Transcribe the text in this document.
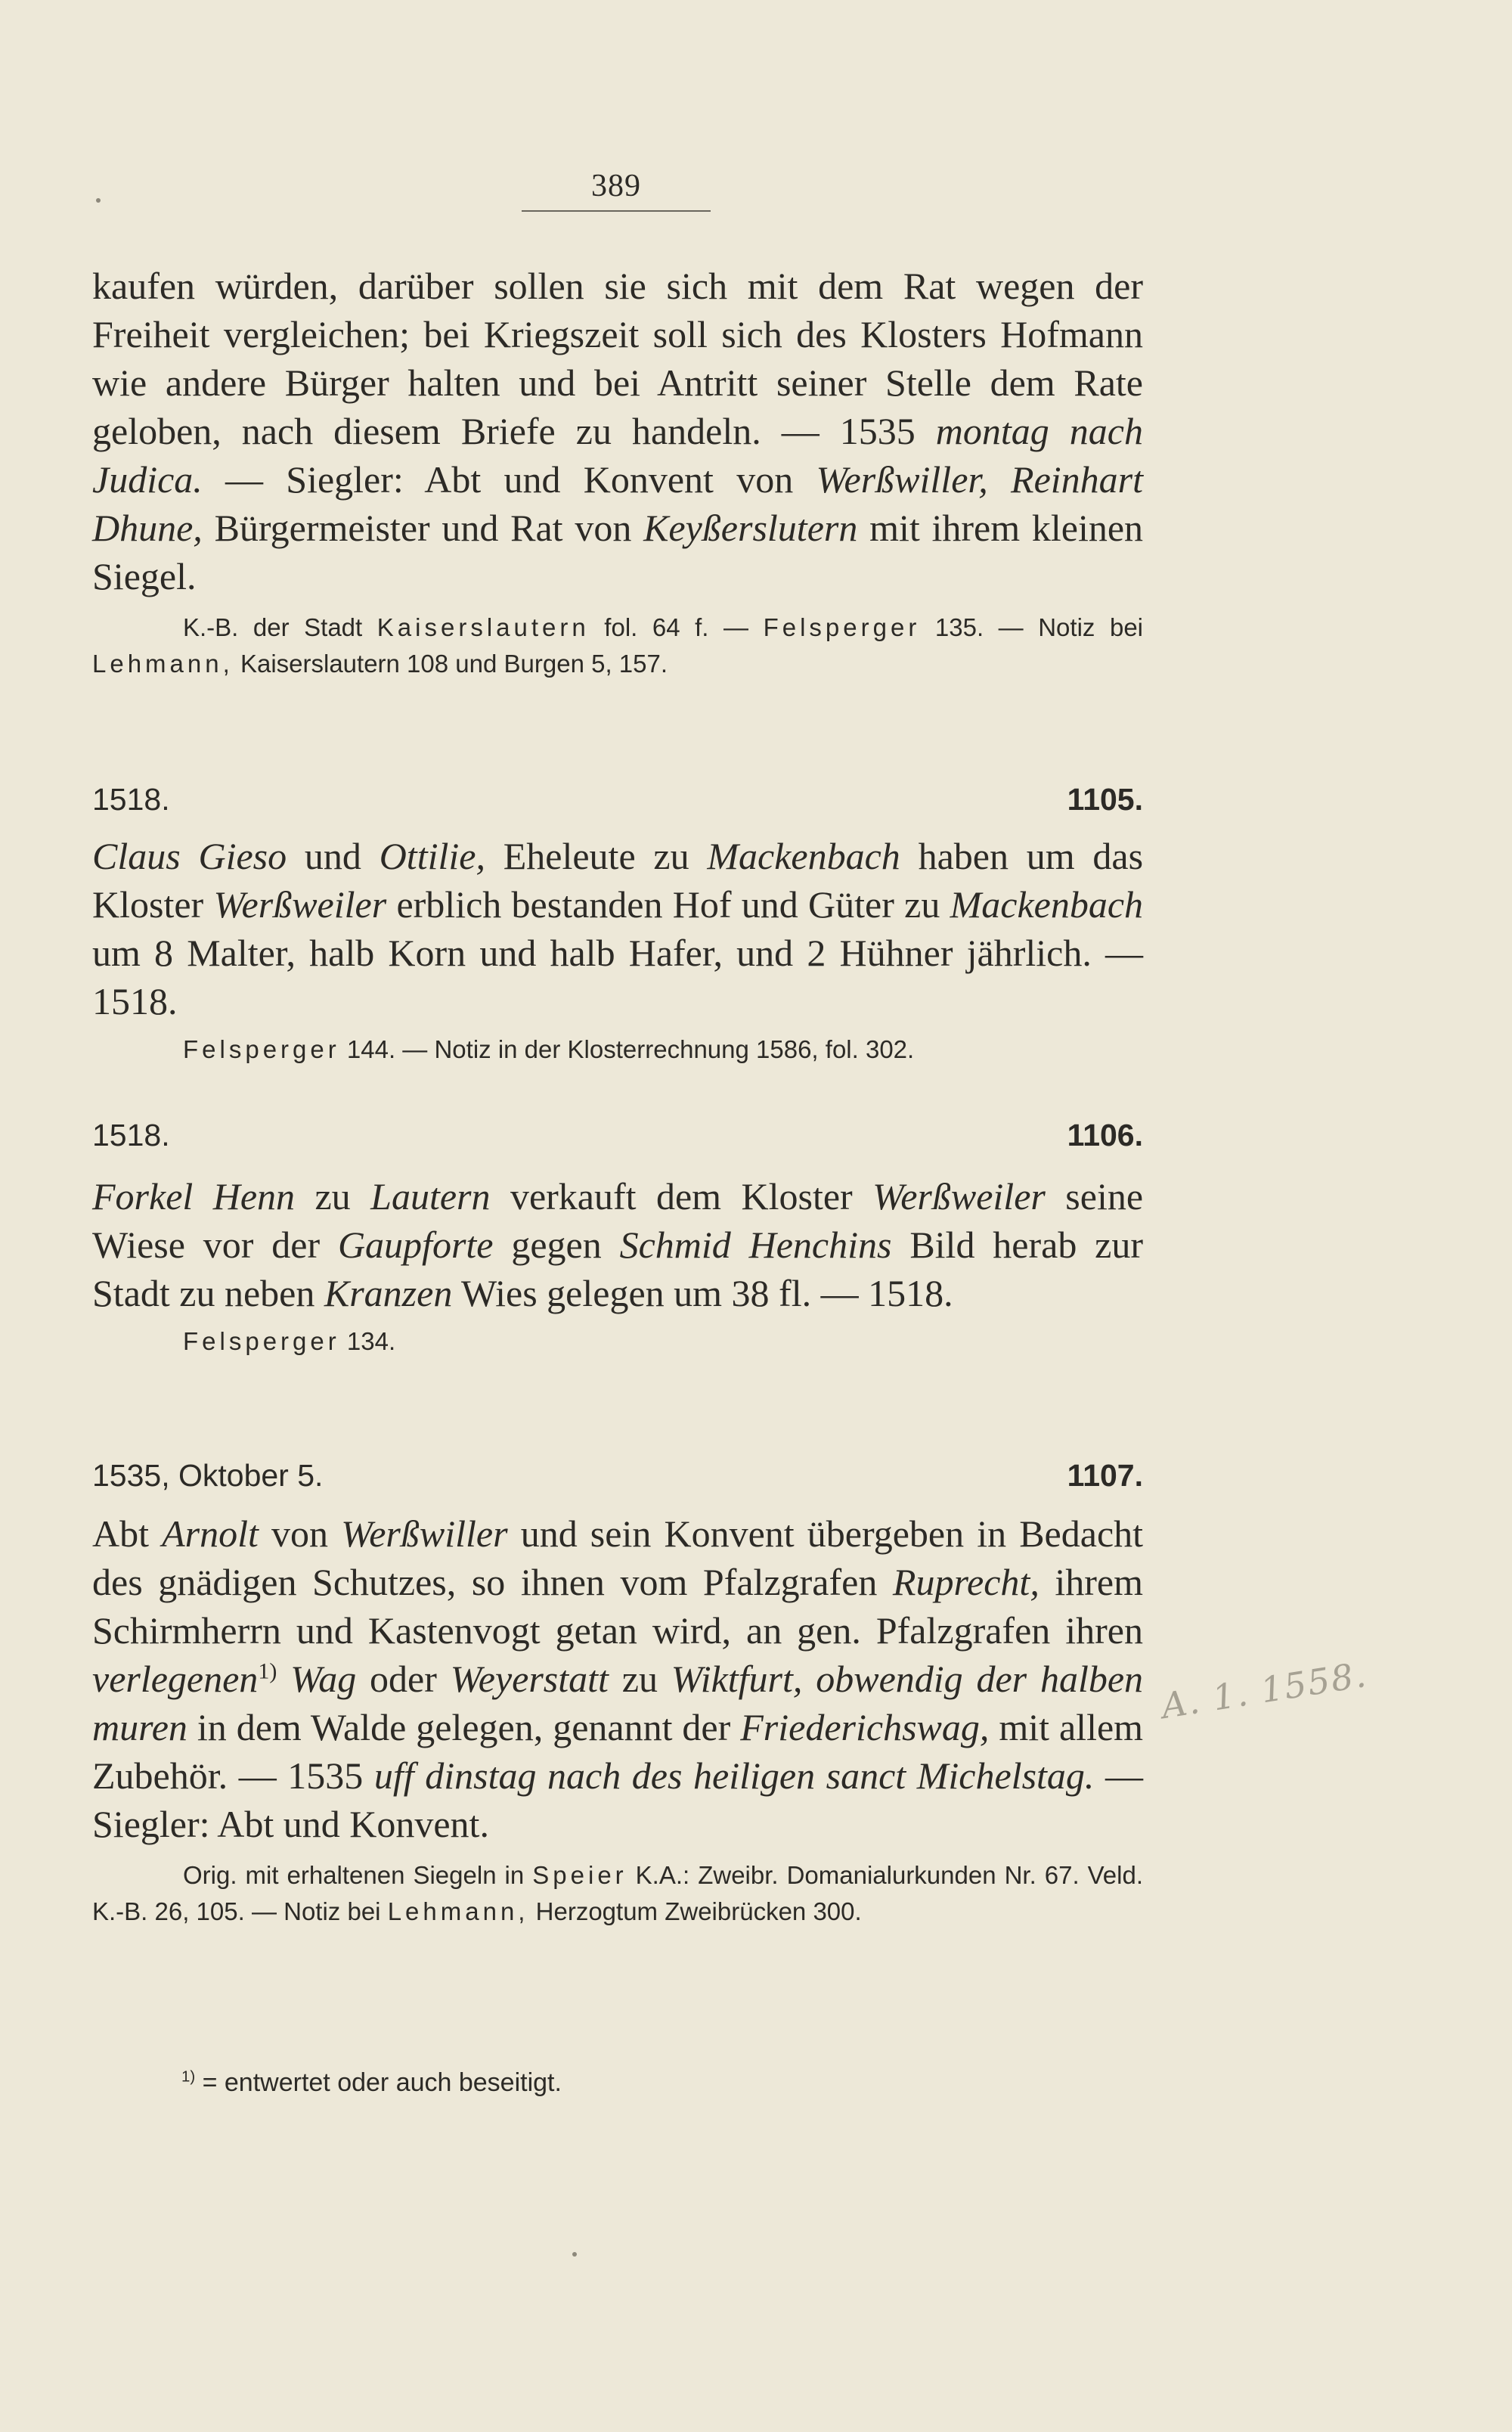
389

kaufen würden, darüber sollen sie sich mit dem Rat wegen der Freiheit vergleichen; bei Kriegszeit soll sich des Klosters Hofmann wie andere Bürger halten und bei Antritt seiner Stelle dem Rate geloben, nach diesem Briefe zu handeln. — 1535 montag nach Judica. — Siegler: Abt und Konvent von Werßwiller, Reinhart Dhune, Bürgermeister und Rat von Keyßerslutern mit ihrem kleinen Siegel.

K.-B. der Stadt Kaiserslautern fol. 64 f. — Felsperger 135. — Notiz bei Lehmann, Kaiserslautern 108 und Burgen 5, 157.

1518.	1105.

Claus Gieso und Ottilie, Eheleute zu Mackenbach haben um das Kloster Werßweiler erblich bestanden Hof und Güter zu Mackenbach um 8 Malter, halb Korn und halb Hafer, und 2 Hühner jährlich. — 1518.

Felsperger 144. — Notiz in der Klosterrechnung 1586, fol. 302.

1518.	1106.

Forkel Henn zu Lautern verkauft dem Kloster Werßweiler seine Wiese vor der Gaupforte gegen Schmid Henchins Bild herab zur Stadt zu neben Kranzen Wies gelegen um 38 fl. — 1518.

Felsperger 134.

1535, Oktober 5.	1107.

Abt Arnolt von Werßwiller und sein Konvent übergeben in Bedacht des gnädigen Schutzes, so ihnen vom Pfalzgrafen Ruprecht, ihrem Schirmherrn und Kastenvogt getan wird, an gen. Pfalzgrafen ihren verlegenen$^{1)}$ Wag oder Weyerstatt zu Wiktfurt, obwendig der halben muren in dem Walde gelegen, genannt der Friederichswag, mit allem Zubehör. — 1535 uff dinstag nach des heiligen sanct Michelstag. — Siegler: Abt und Konvent.

Orig. mit erhaltenen Siegeln in Speier K.A.: Zweibr. Domanialurkunden Nr. 67. Veld. K.-B. 26, 105. — Notiz bei Lehmann, Herzogtum Zweibrücken 300.

A. 1. 1558.
$^{1)}$ = entwertet oder auch beseitigt.
